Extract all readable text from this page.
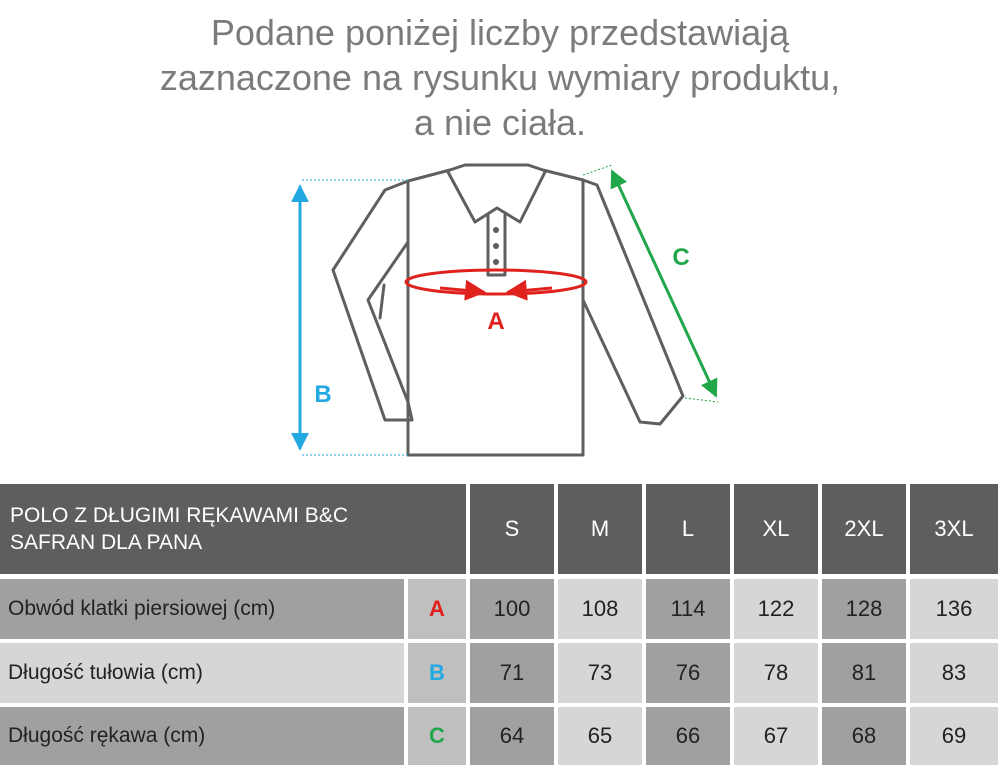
Podane poniżej liczby przedstawiają
zaznaczone na rysunku wymiary produktu,
a nie ciała.
A
B
C
POLO Z DŁUGIMI RĘKAWAMI B&C
SAFRAN DLA PANA
S	M	L	XL	2XL	3XL
Obwód klatki piersiowej (cm)	A	100	108	114	122	128	136
Długość tułowia (cm)	B	71	73	76	78	81	83
Długość rękawa (cm)	C	64	65	66	67	68	69
